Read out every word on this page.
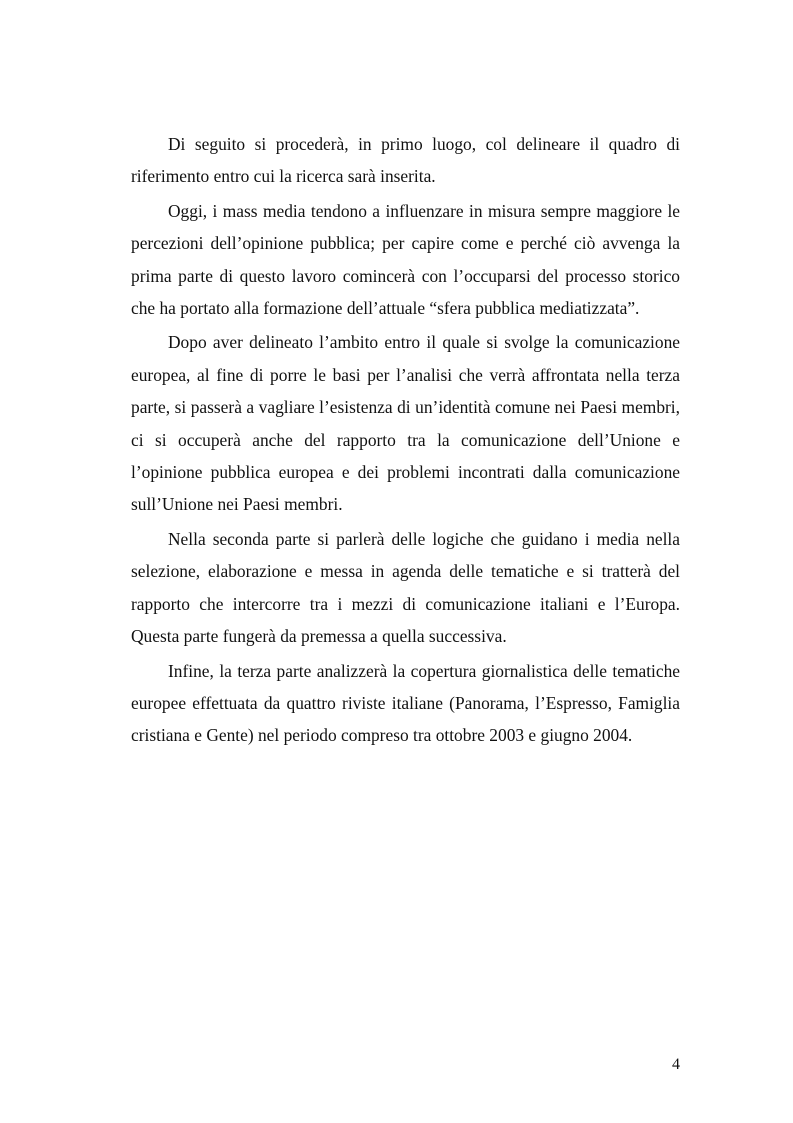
Di seguito si procederà, in primo luogo, col delineare il quadro di riferimento entro cui la ricerca sarà inserita.

Oggi, i mass media tendono a influenzare in misura sempre maggiore le percezioni dell’opinione pubblica; per capire come e perché ciò avvenga la prima parte di questo lavoro comincerà con l’occuparsi del processo storico che ha portato alla formazione dell’attuale “sfera pubblica mediatizzata”.

Dopo aver delineato l’ambito entro il quale si svolge la comunicazione europea, al fine di porre le basi per l’analisi che verrà affrontata nella terza parte, si passerà a vagliare l’esistenza di un’identità comune nei Paesi membri, ci si occuperà anche del rapporto tra la comunicazione dell’Unione e l’opinione pubblica europea e dei problemi incontrati dalla comunicazione sull’Unione nei Paesi membri.

Nella seconda parte si parlerà delle logiche che guidano i media nella selezione, elaborazione e messa in agenda delle tematiche e si tratterà del rapporto che intercorre tra i mezzi di comunicazione italiani e l’Europa. Questa parte fungerà da premessa a quella successiva.

Infine, la terza parte analizzerà la copertura giornalistica delle tematiche europee effettuata da quattro riviste italiane (Panorama, l’Espresso, Famiglia cristiana e Gente) nel periodo compreso tra ottobre 2003 e giugno 2004.

4
